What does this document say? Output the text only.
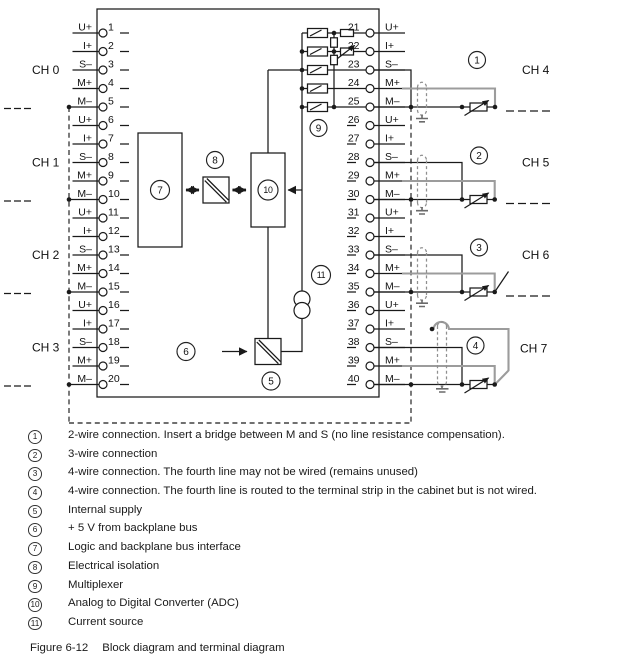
U+ 1
I+ 2
S– 3
M+ 4
M– 5
U+ 6
I+ 7
S– 8
M+ 9
M– 10
U+ 11
I+ 12
S– 13
M+ 14
M– 15
U+ 16
I+ 17
S– 18
M+ 19
M– 20
21 U+
22 I+
23 S–
24 M+
25 M–
26 U+
27 I+
28 S–
29 M+
30 M–
31 U+
32 I+
33 S–
34 M+
35 M–
36 U+
37 I+
38 S–
39 M+
40 M–
1
2
3
4
5
6
7
8
9
10
11
CH 0
CH 1
CH 2
CH 3
CH 4
CH 5
CH 6
CH 7
1	2-wire connection. Insert a bridge between M and S (no line resistance compensation).
2	3-wire connection
3	4-wire connection. The fourth line may not be wired (remains unused)
4	4-wire connection. The fourth line is routed to the terminal strip in the cabinet but is not wired.
5	Internal supply
6	+ 5 V from backplane bus
7	Logic and backplane bus interface
8	Electrical isolation
9	Multiplexer
10 Analog to Digital Converter (ADC)
11	Current source
Figure 6-12 Block diagram and terminal diagram
